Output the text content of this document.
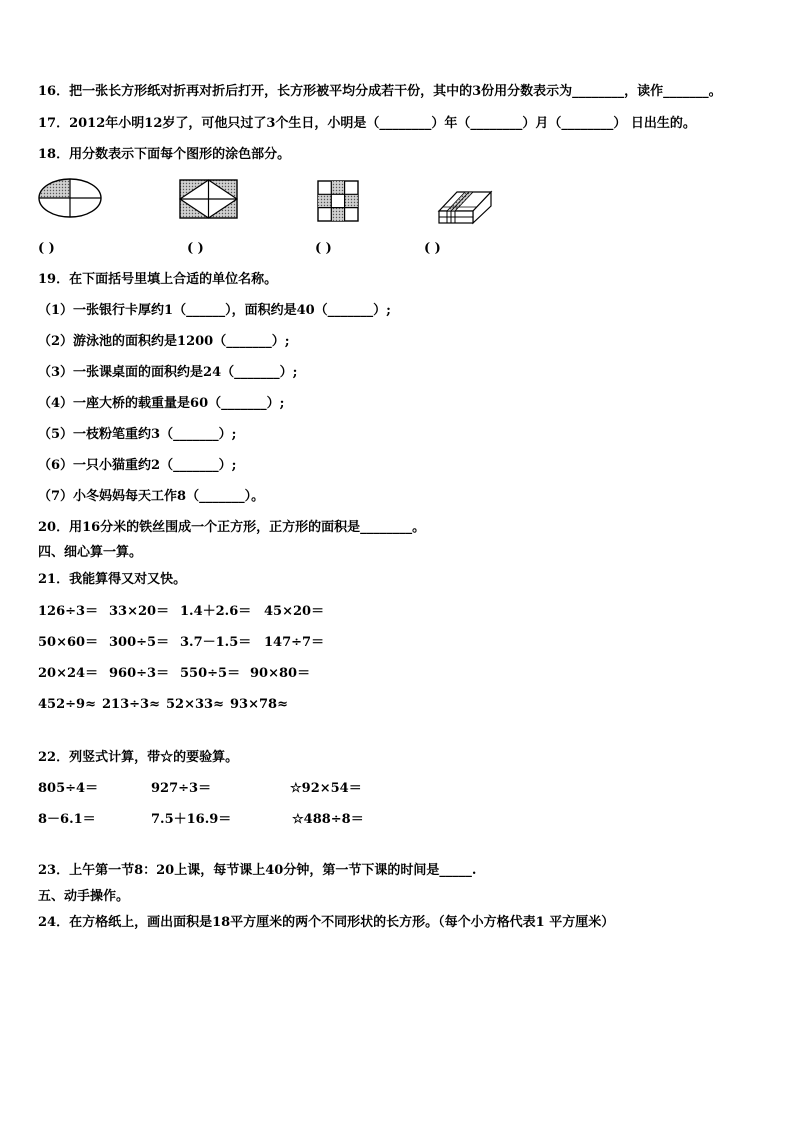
16．把一张长方形纸对折再对折后打开，长方形被平均分成若干份，其中的3份用分数表示为________，读作_______。
17．2012年小明12岁了，可他只过了3个生日，小明是（________）年（________）月（________） 日出生的。
18．用分数表示下面每个图形的涂色部分。
( )	( )	( )	( )
19．在下面括号里填上合适的单位名称。
（1）一张银行卡厚约1（______），面积约是40（_______）;
（2）游泳池的面积约是1200（_______）;
（3）一张课桌面的面积约是24（_______）;
（4）一座大桥的载重量是60（_______）;
（5）一枝粉笔重约3（_______）;
（6）一只小猫重约2（_______）;
（7）小冬妈妈每天工作8（_______）。
20．用16分米的铁丝围成一个正方形，正方形的面积是________。
四、细心算一算。
21．我能算得又对又快。
126÷3＝ 33×20＝ 1.4＋2.6＝ 45×20＝
50×60＝ 300÷5＝ 3.7－1.5＝ 147÷7＝
20×24＝ 960÷3＝ 550÷5＝ 90×80＝
452÷9≈ 213÷3≈ 52×33≈ 93×78≈
22．列竖式计算，带☆的要验算。
805÷4＝	927÷3＝	☆92×54＝
8－6.1＝	7.5＋16.9＝	☆488÷8＝
23．上午第一节8：20上课，每节课上40分钟，第一节下课的时间是_____.
五、动手操作。
24．在方格纸上，画出面积是18平方厘米的两个不同形状的长方形。（每个小方格代表1 平方厘米）
